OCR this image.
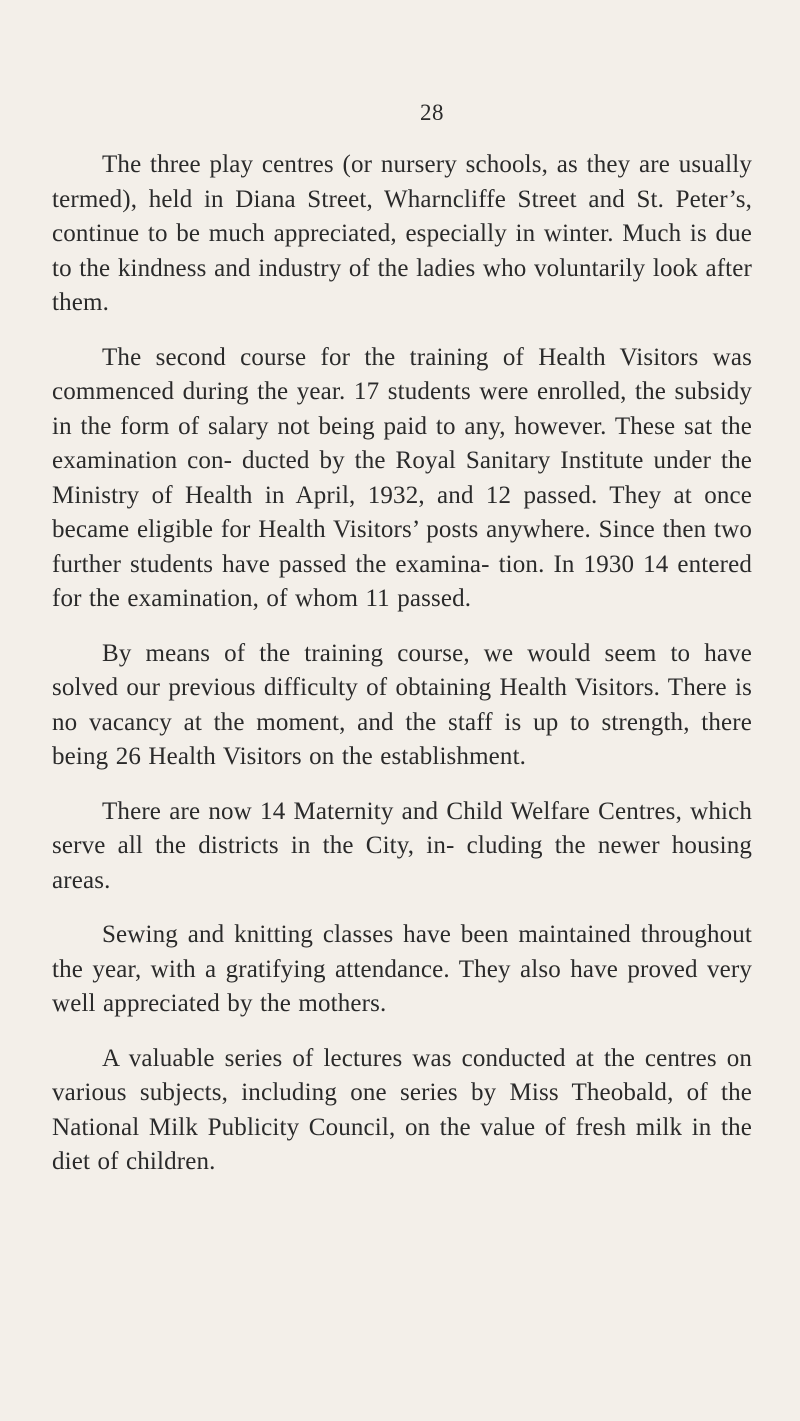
28

The three play centres (or nursery schools, as they are usually termed), held in Diana Street, Wharncliffe Street and St. Peter’s, continue to be much appreciated, especially in winter. Much is due to the kindness and industry of the ladies who voluntarily look after them.

The second course for the training of Health Visitors was commenced during the year. 17 students were enrolled, the subsidy in the form of salary not being paid to any, however. These sat the examination con- ducted by the Royal Sanitary Institute under the Ministry of Health in April, 1932, and 12 passed. They at once became eligible for Health Visitors’ posts anywhere. Since then two further students have passed the examina- tion. In 1930 14 entered for the examination, of whom 11 passed.

By means of the training course, we would seem to have solved our previous difficulty of obtaining Health Visitors. There is no vacancy at the moment, and the staff is up to strength, there being 26 Health Visitors on the establishment.

There are now 14 Maternity and Child Welfare Centres, which serve all the districts in the City, in- cluding the newer housing areas.

Sewing and knitting classes have been maintained throughout the year, with a gratifying attendance. They also have proved very well appreciated by the mothers.

A valuable series of lectures was conducted at the centres on various subjects, including one series by Miss Theobald, of the National Milk Publicity Council, on the value of fresh milk in the diet of children.
